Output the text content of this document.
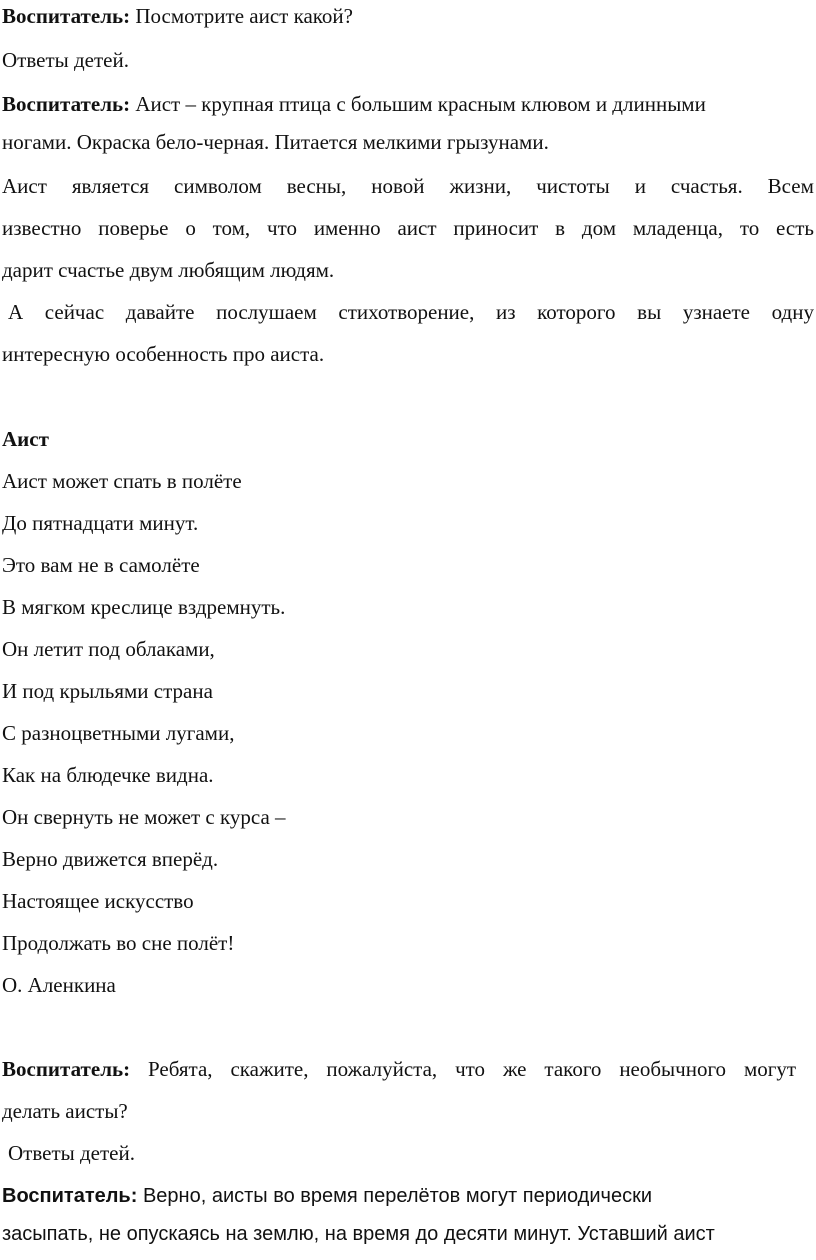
Воспитатель: Посмотрите аист какой?
Ответы детей.
Воспитатель: Аист – крупная птица с большим красным клювом и длинными
ногами. Окраска бело-черная. Питается мелкими грызунами.
Аист является символом весны, новой жизни, чистоты и счастья. Всем
известно поверье о том, что именно аист приносит в дом младенца, то есть
дарит счастье двум любящим людям.
А сейчас давайте послушаем стихотворение, из которого вы узнаете одну
интересную особенность про аиста.
Аист
Аист может спать в полёте
До пятнадцати минут.
Это вам не в самолёте
В мягком креслице вздремнуть.
Он летит под облаками,
И под крыльями страна
С разноцветными лугами,
Как на блюдечке видна.
Он свернуть не может с курса –
Верно движется вперёд.
Настоящее искусство
Продолжать во сне полёт!
О. Аленкина
Воспитатель: Ребята, скажите, пожалуйста, что же такого необычного могут
делать аисты?
Ответы детей.
Воспитатель: Верно, аисты во время перелётов могут периодически
засыпать, не опускаясь на землю, на время до десяти минут. Уставший аист
